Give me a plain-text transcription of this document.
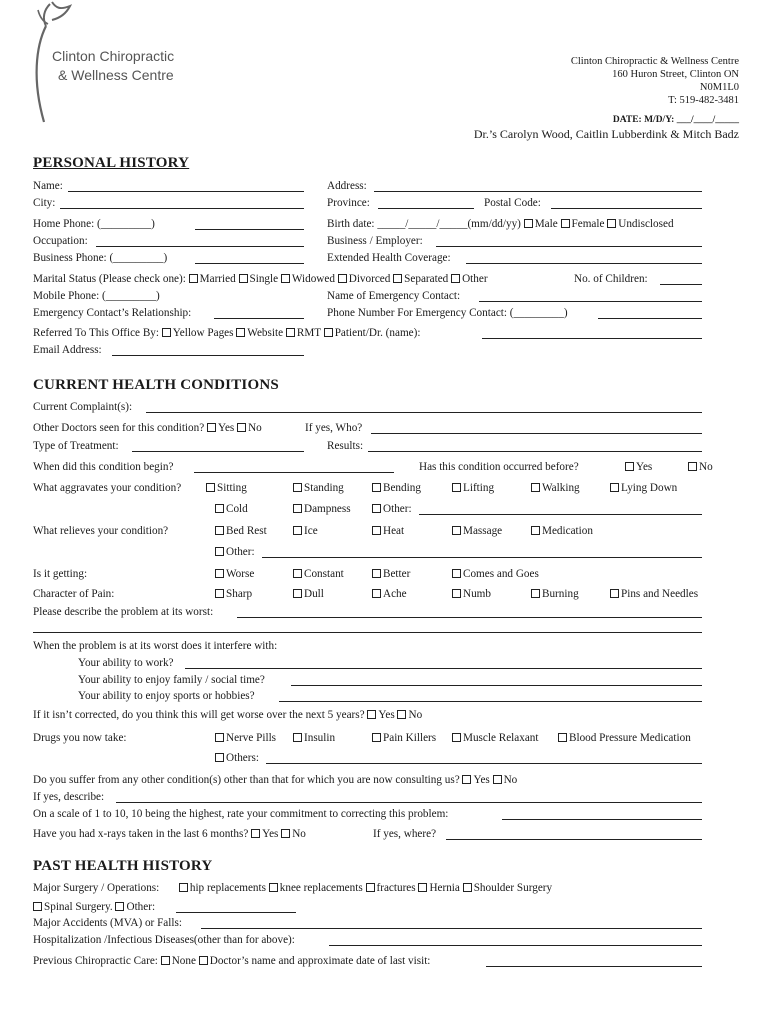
Clinton Chiropractic
& Wellness Centre
Clinton Chiropractic & Wellness Centre
160 Huron Street, Clinton ON
N0M1L0
T: 519-482-3481
DATE: M/D/Y: ___/____/_____
Dr.’s Carolyn Wood, Caitlin Lubberdink & Mitch Badz
PERSONAL HISTORY
Name:	Address:
City:	Province:	Postal Code:
Home Phone: (_________)	Birth date: _____/_____/_____(mm/dd/yy) Male Female Undisclosed
Occupation:	Business / Employer:
Business Phone: (_________)	Extended Health Coverage:
Marital Status (Please check one): Married Single Widowed Divorced Separated Other	No. of Children:
Mobile Phone: (_________)	Name of Emergency Contact:
Emergency Contact’s Relationship:	Phone Number For Emergency Contact: (_________)
Referred To This Office By: Yellow Pages Website RMT Patient/Dr. (name):
Email Address:
CURRENT HEALTH CONDITIONS
Current Complaint(s):
Other Doctors seen for this condition? Yes No	If yes, Who?
Type of Treatment:	Results:
When did this condition begin?	Has this condition occurred before?	Yes	No
What aggravates your condition?	Sitting	Standing	Bending	Lifting	Walking	Lying Down
Cold	Dampness	Other:
What relieves your condition?	Bed Rest	Ice	Heat	Massage	Medication
Other:
Is it getting:	Worse	Constant	Better	Comes and Goes
Character of Pain:	Sharp	Dull	Ache	Numb	Burning	Pins and Needles
Please describe the problem at its worst:
When the problem is at its worst does it interfere with:
Your ability to work?
Your ability to enjoy family / social time?
Your ability to enjoy sports or hobbies?
If it isn’t corrected, do you think this will get worse over the next 5 years? Yes No
Drugs you now take:	Nerve Pills	Insulin	Pain Killers	Muscle Relaxant	Blood Pressure Medication
Others:
Do you suffer from any other condition(s) other than that for which you are now consulting us? Yes No
If yes, describe:
On a scale of 1 to 10, 10 being the highest, rate your commitment to correcting this problem:
Have you had x-rays taken in the last 6 months? Yes No	If yes, where?
PAST HEALTH HISTORY
Major Surgery / Operations:	hip replacements knee replacements fractures Hernia Shoulder Surgery
Spinal Surgery. Other:
Major Accidents (MVA) or Falls:
Hospitalization /Infectious Diseases(other than for above):
Previous Chiropractic Care: None Doctor’s name and approximate date of last visit:
